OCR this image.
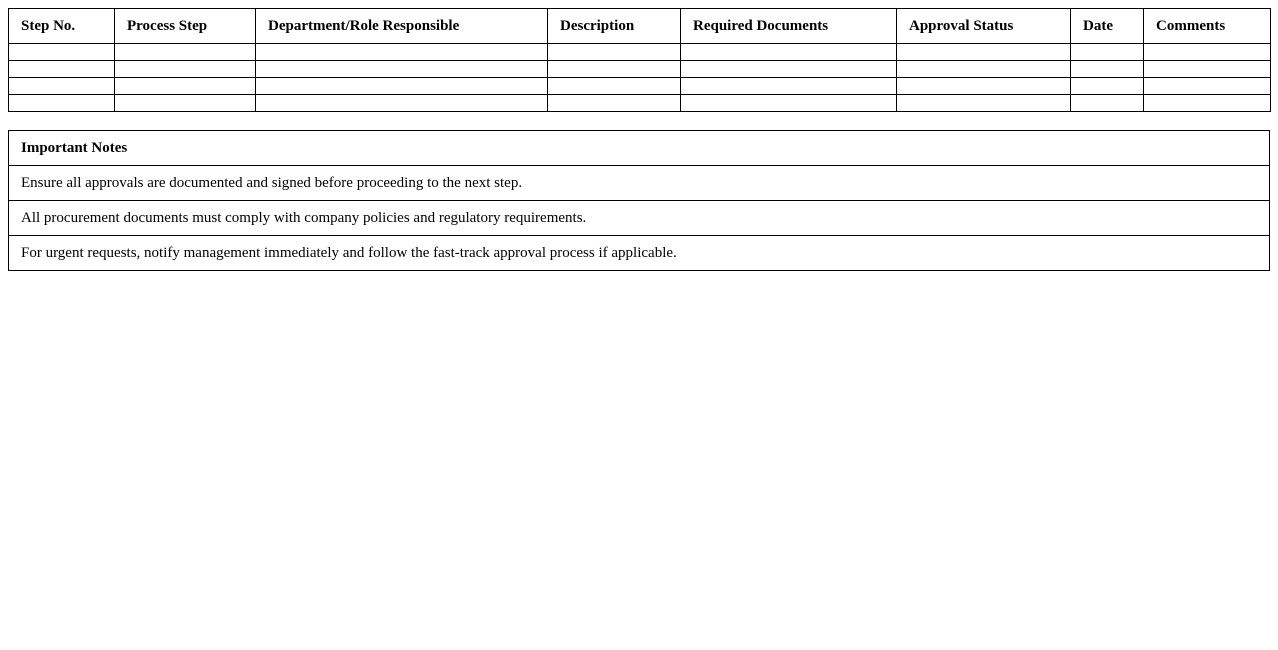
Step No.	Process Step	Department/Role Responsible	Description	Required Documents	Approval Status	Date	Comments

Important Notes
Ensure all approvals are documented and signed before proceeding to the next step.
All procurement documents must comply with company policies and regulatory requirements.
For urgent requests, notify management immediately and follow the fast-track approval process if applicable.
